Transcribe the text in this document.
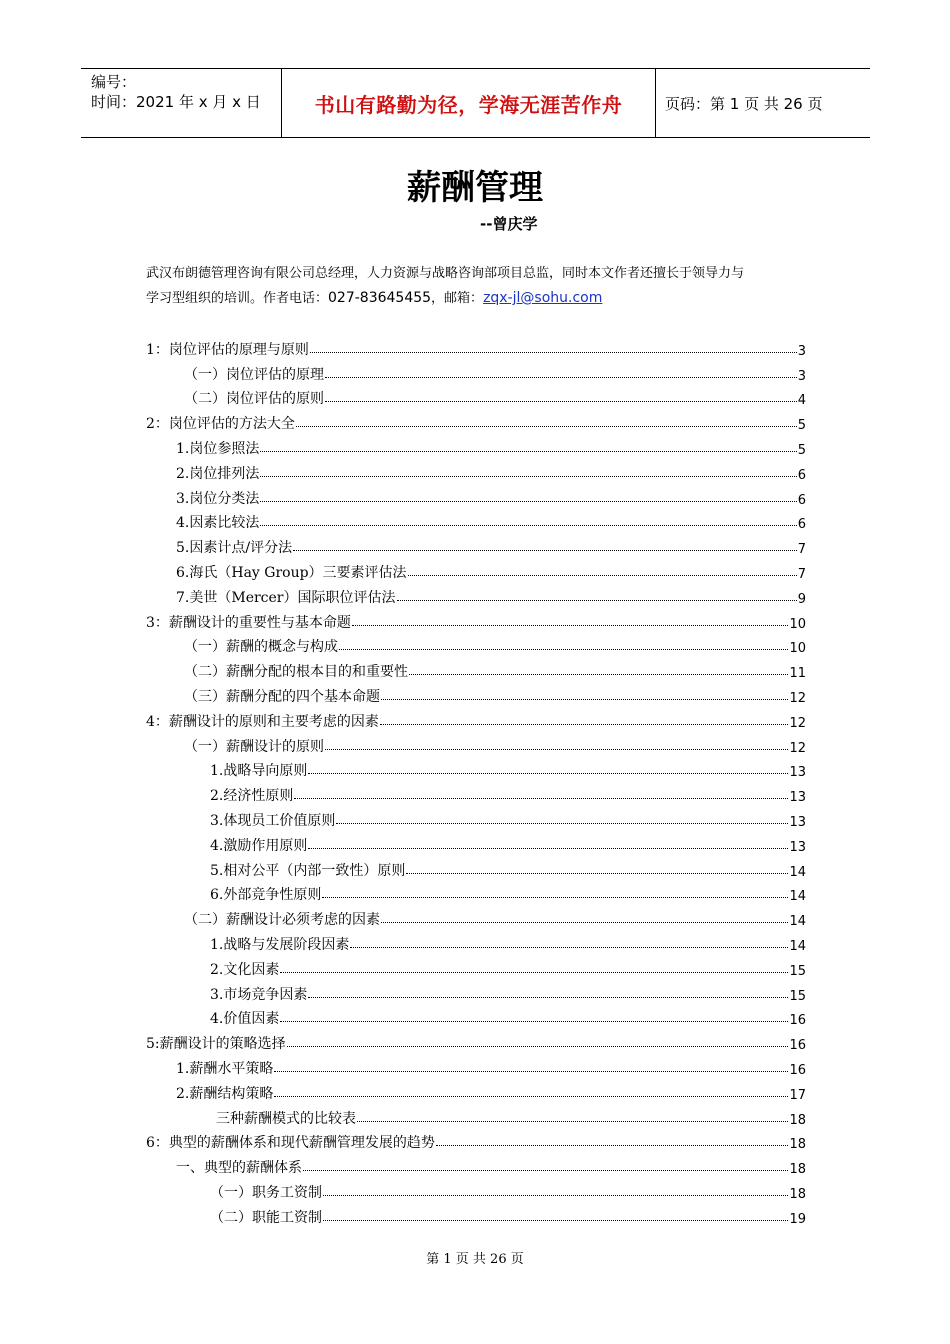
编号：
时间：2021 年 x 月 x 日	书山有路勤为径，学海无涯苦作舟	页码：第 1 页 共 26 页
薪酬管理
--曾庆学
武汉布朗德管理咨询有限公司总经理，人力资源与战略咨询部项目总监，同时本文作者还擅长于领导力与
学习型组织的培训。作者电话：027-83645455，邮箱：zqx-jl@sohu.com
1：岗位评估的原理与原则	3
（一）岗位评估的原理	3
（二）岗位评估的原则	4
2：岗位评估的方法大全	5
1.岗位参照法	5
2.岗位排列法	6
3.岗位分类法	6
4.因素比较法	6
5.因素计点/评分法	7
6.海氏（Hay Group）三要素评估法	7
7.美世（Mercer）国际职位评估法	9
3：薪酬设计的重要性与基本命题	10
（一）薪酬的概念与构成	10
（二）薪酬分配的根本目的和重要性	11
（三）薪酬分配的四个基本命题	12
4：薪酬设计的原则和主要考虑的因素	12
（一）薪酬设计的原则	12
1.战略导向原则	13
2.经济性原则	13
3.体现员工价值原则	13
4.激励作用原则	13
5.相对公平（内部一致性）原则	14
6.外部竞争性原则	14
（二）薪酬设计必须考虑的因素	14
1.战略与发展阶段因素	14
2.文化因素	15
3.市场竞争因素	15
4.价值因素	16
5:薪酬设计的策略选择	16
1.薪酬水平策略	16
2.薪酬结构策略	17
三种薪酬模式的比较表	18
6：典型的薪酬体系和现代薪酬管理发展的趋势	18
一、典型的薪酬体系	18
（一）职务工资制	18
（二）职能工资制	19
第 1 页 共 26 页
